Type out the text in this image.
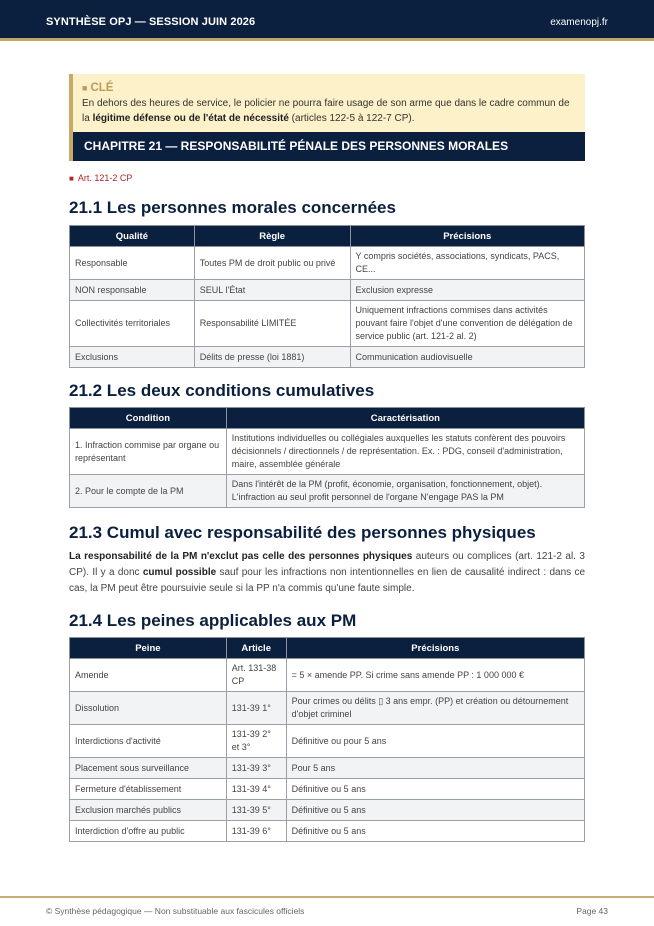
SYNTHÈSE OPJ — SESSION JUIN 2026	examenopj.fr
■ CLÉ
En dehors des heures de service, le policier ne pourra faire usage de son arme que dans le cadre commun de la légitime défense ou de l'état de nécessité (articles 122-5 à 122-7 CP).
CHAPITRE 21 — RESPONSABILITÉ PÉNALE DES PERSONNES MORALES
■ Art. 121-2 CP
21.1 Les personnes morales concernées
Qualité	Règle	Précisions
Responsable	Toutes PM de droit public ou privé	Y compris sociétés, associations, syndicats, PACS, CE...
NON responsable	SEUL l'État	Exclusion expresse
Collectivités territoriales	Responsabilité LIMITÉE	Uniquement infractions commises dans activités pouvant faire l'objet d'une convention de délégation de service public (art. 121-2 al. 2)
Exclusions	Délits de presse (loi 1881)	Communication audiovisuelle
21.2 Les deux conditions cumulatives
Condition	Caractérisation
1. Infraction commise par organe ou représentant	Institutions individuelles ou collégiales auxquelles les statuts confèrent des pouvoirs décisionnels / directionnels / de représentation. Ex. : PDG, conseil d'administration, maire, assemblée générale
2. Pour le compte de la PM	Dans l'intérêt de la PM (profit, économie, organisation, fonctionnement, objet). L'infraction au seul profit personnel de l'organe N'engage PAS la PM
21.3 Cumul avec responsabilité des personnes physiques

La responsabilité de la PM n'exclut pas celle des personnes physiques auteurs ou complices (art. 121-2 al. 3 CP). Il y a donc cumul possible sauf pour les infractions non intentionnelles en lien de causalité indirect : dans ce cas, la PM peut être poursuivie seule si la PP n'a commis qu'une faute simple.

21.4 Les peines applicables aux PM
Peine	Article	Précisions
Amende	Art. 131-38 CP	= 5 × amende PP. Si crime sans amende PP : 1 000 000 €
Dissolution	131-39 1°	Pour crimes ou délits ▯ 3 ans empr. (PP) et création ou détournement d'objet criminel
Interdictions d'activité	131-39 2° et 3°	Définitive ou pour 5 ans
Placement sous surveillance	131-39 3°	Pour 5 ans
Fermeture d'établissement	131-39 4°	Définitive ou 5 ans
Exclusion marchés publics	131-39 5°	Définitive ou 5 ans
Interdiction d'offre au public	131-39 6°	Définitive ou 5 ans
© Synthèse pédagogique — Non substituable aux fascicules officiels	Page 43
